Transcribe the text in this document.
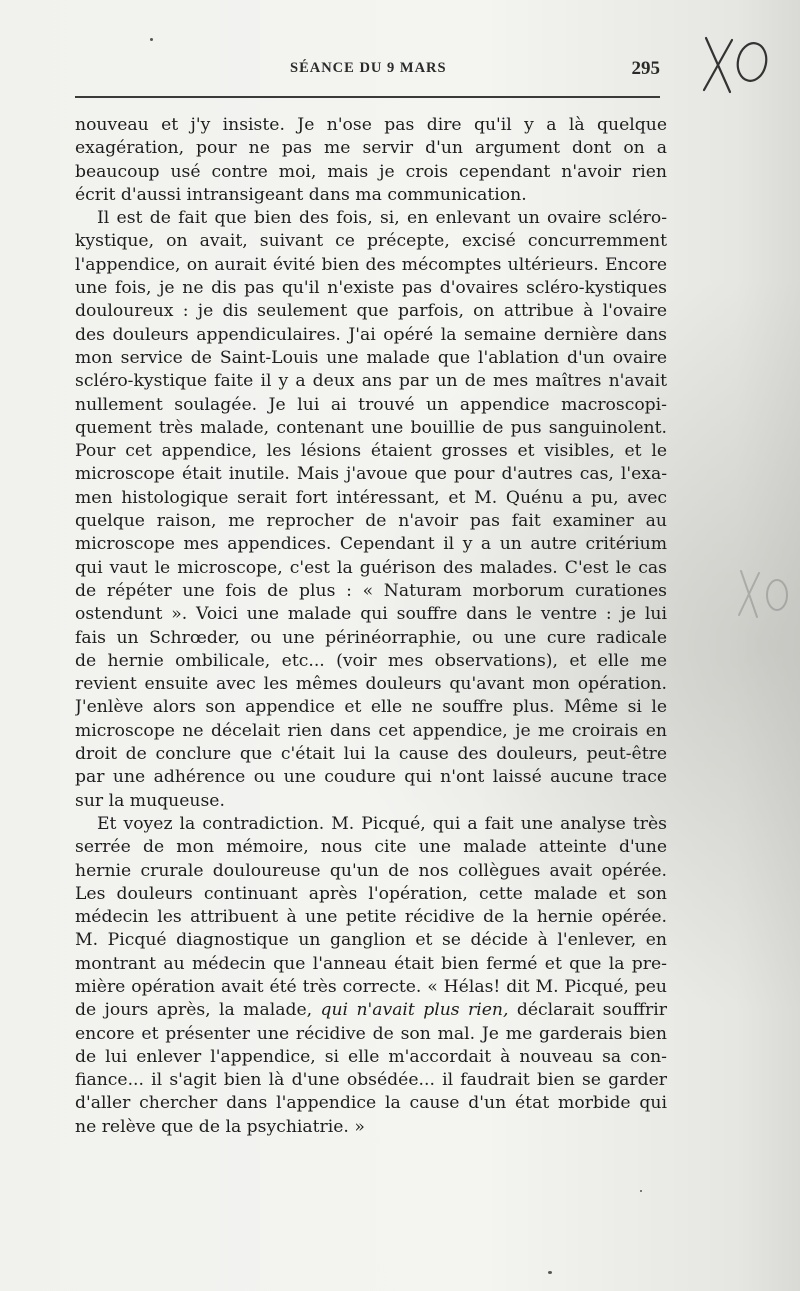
SÉANCE DU 9 MARS	295
nouveau et j'y insiste. Je n'ose pas dire qu'il y a là quelque
exagération, pour ne pas me servir d'un argument dont on a
beaucoup usé contre moi, mais je crois cependant n'avoir rien
écrit d'aussi intransigeant dans ma communication.
Il est de fait que bien des fois, si, en enlevant un ovaire scléro-
kystique, on avait, suivant ce précepte, excisé concurremment
l'appendice, on aurait évité bien des mécomptes ultérieurs. Encore
une fois, je ne dis pas qu'il n'existe pas d'ovaires scléro-kystiques
douloureux : je dis seulement que parfois, on attribue à l'ovaire
des douleurs appendiculaires. J'ai opéré la semaine dernière dans
mon service de Saint-Louis une malade que l'ablation d'un ovaire
scléro-kystique faite il y a deux ans par un de mes maîtres n'avait
nullement soulagée. Je lui ai trouvé un appendice macroscopi-
quement très malade, contenant une bouillie de pus sanguinolent.
Pour cet appendice, les lésions étaient grosses et visibles, et le
microscope était inutile. Mais j'avoue que pour d'autres cas, l'exa-
men histologique serait fort intéressant, et M. Quénu a pu, avec
quelque raison, me reprocher de n'avoir pas fait examiner au
microscope mes appendices. Cependant il y a un autre critérium
qui vaut le microscope, c'est la guérison des malades. C'est le cas
de répéter une fois de plus : « Naturam morborum curationes
ostendunt ». Voici une malade qui souffre dans le ventre : je lui
fais un Schrœder, ou une périnéorraphie, ou une cure radicale
de hernie ombilicale, etc... (voir mes observations), et elle me
revient ensuite avec les mêmes douleurs qu'avant mon opération.
J'enlève alors son appendice et elle ne souffre plus. Même si le
microscope ne décelait rien dans cet appendice, je me croirais en
droit de conclure que c'était lui la cause des douleurs, peut-être
par une adhérence ou une coudure qui n'ont laissé aucune trace
sur la muqueuse.
Et voyez la contradiction. M. Picqué, qui a fait une analyse très
serrée de mon mémoire, nous cite une malade atteinte d'une
hernie crurale douloureuse qu'un de nos collègues avait opérée.
Les douleurs continuant après l'opération, cette malade et son
médecin les attribuent à une petite récidive de la hernie opérée.
M. Picqué diagnostique un ganglion et se décide à l'enlever, en
montrant au médecin que l'anneau était bien fermé et que la pre-
mière opération avait été très correcte. « Hélas! dit M. Picqué, peu
de jours après, la malade, qui n'avait plus rien, déclarait souffrir
encore et présenter une récidive de son mal. Je me garderais bien
de lui enlever l'appendice, si elle m'accordait à nouveau sa con-
fiance... il s'agit bien là d'une obsédée... il faudrait bien se garder
d'aller chercher dans l'appendice la cause d'un état morbide qui
ne relève que de la psychiatrie. »
